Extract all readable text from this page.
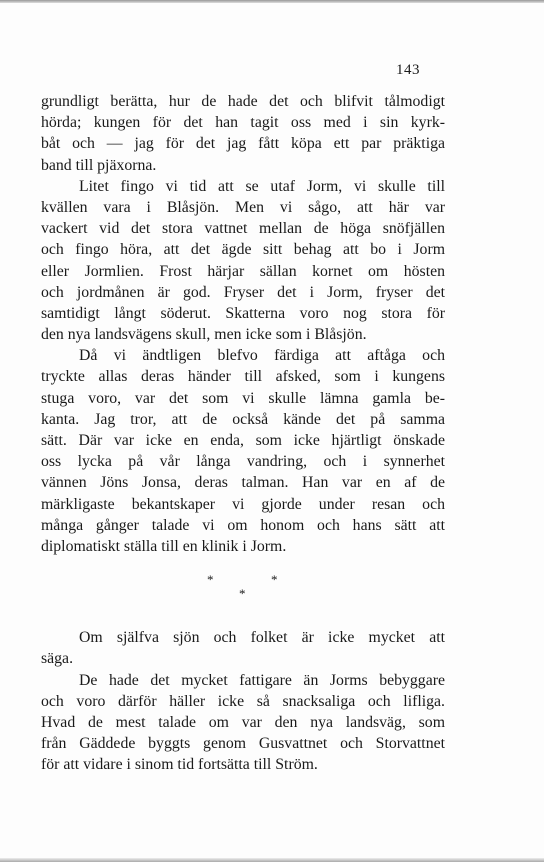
143
grundligt berätta, hur de hade det och blifvit tålmodigt
hörda; kungen för det han tagit oss med i sin kyrk-
båt och — jag för det jag fått köpa ett par präktiga
band till pjäxorna.
Litet fingo vi tid att se utaf Jorm, vi skulle till
kvällen vara i Blåsjön. Men vi sågo, att här var
vackert vid det stora vattnet mellan de höga snöfjällen
och fingo höra, att det ägde sitt behag att bo i Jorm
eller Jormlien. Frost härjar sällan kornet om hösten
och jordmånen är god. Fryser det i Jorm, fryser det
samtidigt långt söderut. Skatterna voro nog stora för
den nya landsvägens skull, men icke som i Blåsjön.
Då vi ändtligen blefvo färdiga att aftåga och
tryckte allas deras händer till afsked, som i kungens
stuga voro, var det som vi skulle lämna gamla be-
kanta. Jag tror, att de också kände det på samma
sätt. Där var icke en enda, som icke hjärtligt önskade
oss lycka på vår långa vandring, och i synnerhet
vännen Jöns Jonsa, deras talman. Han var en af de
märkligaste bekantskaper vi gjorde under resan och
många gånger talade vi om honom och hans sätt att
diplomatiskt ställa till en klinik i Jorm.
*	*
*
Om själfva sjön och folket är icke mycket att
säga.
De hade det mycket fattigare än Jorms bebyggare
och voro därför häller icke så snacksaliga och lifliga.
Hvad de mest talade om var den nya landsväg, som
från Gäddede byggts genom Gusvattnet och Storvattnet
för att vidare i sinom tid fortsätta till Ström.
